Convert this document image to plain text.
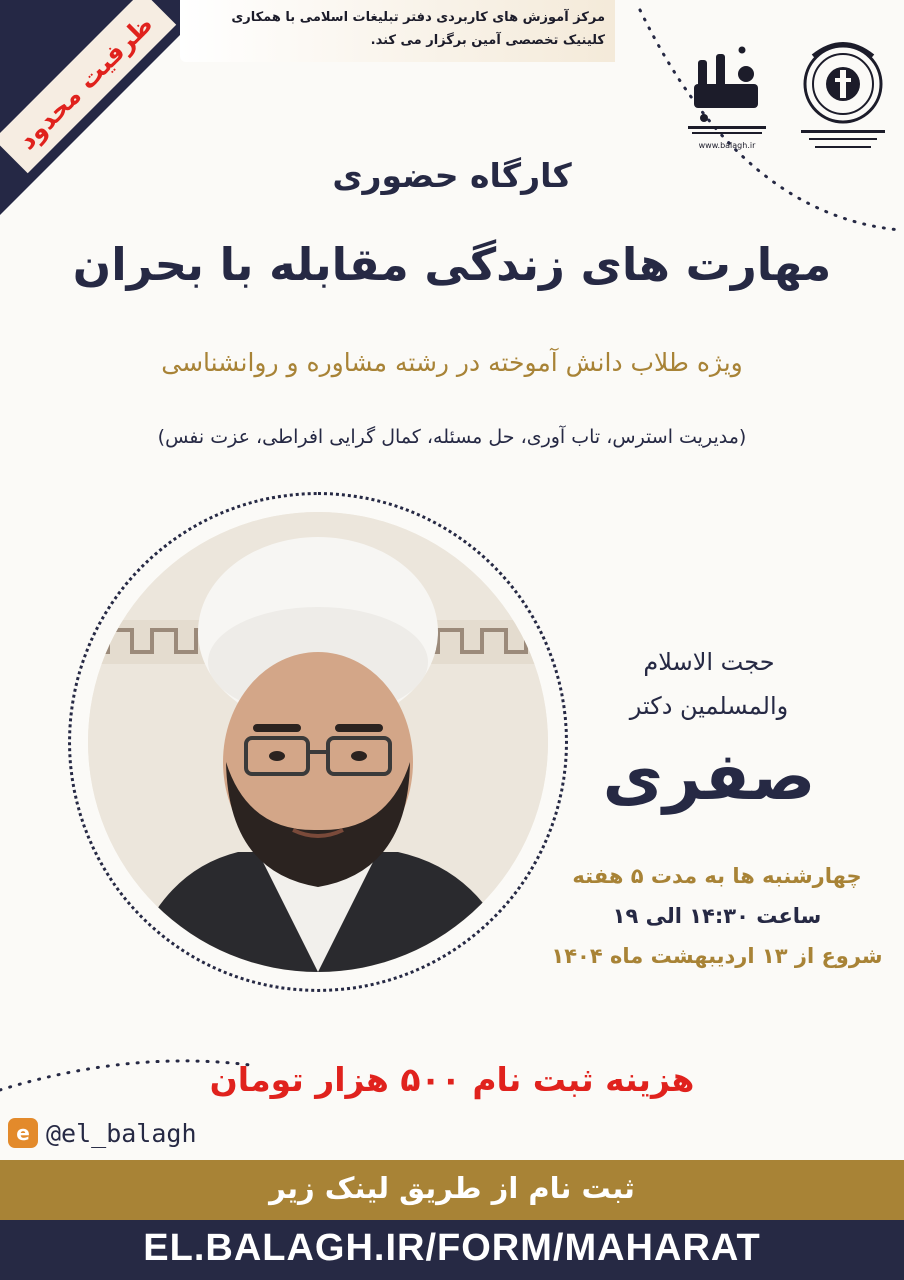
ظرفیت محدود	مرکز آموزش های کاربردی دفتر تبلیغات اسلامی با همکاری
کلینیک تخصصی آمین برگزار می کند.
www.balagh.ir
کارگاه حضوری
مهارت های زندگی مقابله با بحران
ویژه طلاب دانش آموخته در رشته مشاوره و روانشناسی
(مدیریت استرس، تاب آوری، حل مسئله، کمال گرایی افراطی، عزت نفس)
حجت الاسلام
والمسلمین دکتر
صفری
چهارشنبه ها به مدت ۵ هفته
ساعت ۱۴:۳۰ الی ۱۹
شروع از ۱۳ اردیبهشت ماه ۱۴۰۴
هزینه ثبت نام ۵۰۰ هزار تومان
e @el_balagh
ثبت نام از طریق لینک زیر
EL.BALAGH.IR/FORM/MAHARAT
